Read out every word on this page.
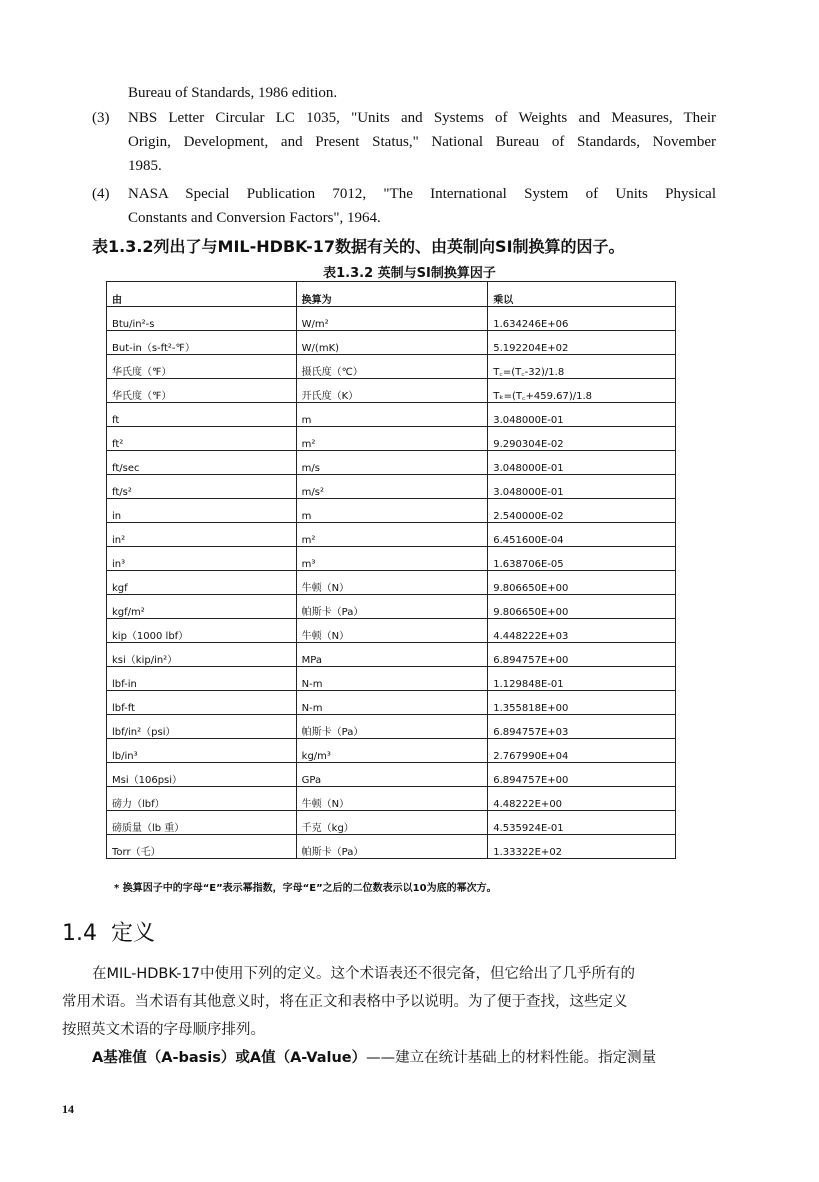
Bureau of Standards, 1986 edition.
(3) NBS Letter Circular LC 1035, "Units and Systems of Weights and Measures, Their
Origin, Development, and Present Status," National Bureau of Standards, November
1985.
(4) NASA Special Publication 7012, "The International System of Units Physical
Constants and Conversion Factors", 1964.
表1.3.2列出了与MIL-HDBK-17数据有关的、由英制向SI制换算的因子。
表1.3.2 英制与SI制换算因子
由	换算为	乘以
Btu/in²-s	W/m²	1.634246E+06
But-in（s-ft²-℉）	W/(mK)	5.192204E+02
华氏度（℉）	摄氏度（℃）	T꜀=(T꜀-32)/1.8
华氏度（℉）	开氏度（K）	Tₖ=(T꜀+459.67)/1.8
ft	m	3.048000E-01
ft²	m²	9.290304E-02
ft/sec	m/s	3.048000E-01
ft/s²	m/s²	3.048000E-01
in	m	2.540000E-02
in²	m²	6.451600E-04
in³	m³	1.638706E-05
kgf	牛顿（N）	9.806650E+00
kgf/m²	帕斯卡（Pa）	9.806650E+00
kip（1000 lbf）	牛顿（N）	4.448222E+03
ksi（kip/in²）	MPa	6.894757E+00
lbf-in	N-m	1.129848E-01
lbf-ft	N-m	1.355818E+00
lbf/in²（psi）	帕斯卡（Pa）	6.894757E+03
lb/in³	kg/m³	2.767990E+04
Msi（106psi）	GPa	6.894757E+00
磅力（lbf）	牛顿（N）	4.48222E+00
磅质量（lb 重）	千克（kg）	4.535924E-01
Torr（乇）	帕斯卡（Pa）	1.33322E+02
* 换算因子中的字母“E”表示幂指数，字母“E”之后的二位数表示以10为底的幂次方。
1.4 定义
在MIL-HDBK-17中使用下列的定义。这个术语表还不很完备，但它给出了几乎所有的
常用术语。当术语有其他意义时，将在正文和表格中予以说明。为了便于查找，这些定义
按照英文术语的字母顺序排列。
A基准值（A-basis）或A值（A-Value）——建立在统计基础上的材料性能。指定测量
14
